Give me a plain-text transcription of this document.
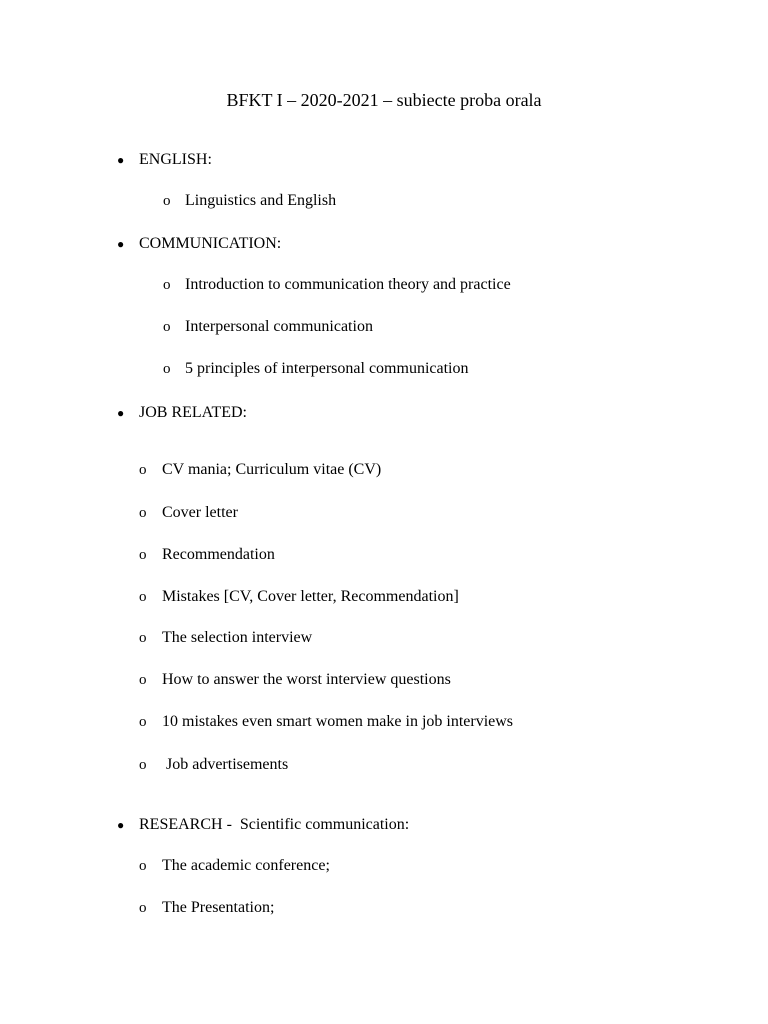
BFKT I – 2020-2021 – subiecte proba orala
● ENGLISH:
o Linguistics and English
● COMMUNICATION:
o Introduction to communication theory and practice
o Interpersonal communication
o 5 principles of interpersonal communication
● JOB RELATED:
o CV mania; Curriculum vitae (CV)
o Cover letter
o Recommendation
o Mistakes [CV, Cover letter, Recommendation]
o The selection interview
o How to answer the worst interview questions
o 10 mistakes even smart women make in job interviews
o Job advertisements
● RESEARCH -  Scientific communication:
o The academic conference;
o The Presentation;
